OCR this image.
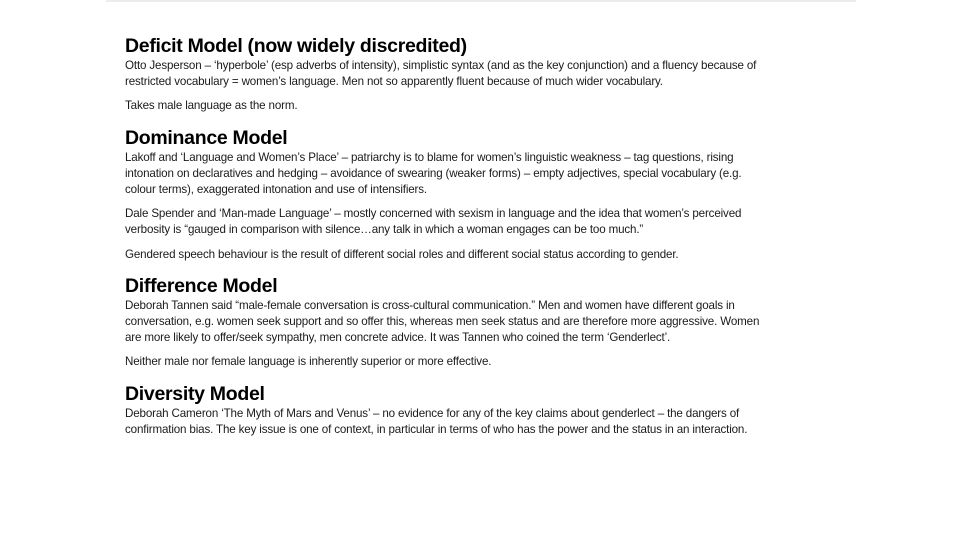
Deficit Model (now widely discredited)

Otto Jesperson – ‘hyperbole’ (esp adverbs of intensity), simplistic syntax (and as the key conjunction) and a fluency because of restricted vocabulary = women’s language. Men not so apparently fluent because of much wider vocabulary.

Takes male language as the norm.

Dominance Model

Lakoff and ‘Language and Women’s Place’ – patriarchy is to blame for women’s linguistic weakness – tag questions, rising intonation on declaratives and hedging – avoidance of swearing (weaker forms) – empty adjectives, special vocabulary (e.g. colour terms), exaggerated intonation and use of intensifiers.

Dale Spender and ‘Man-made Language’ – mostly concerned with sexism in language and the idea that women’s perceived verbosity is “gauged in comparison with silence…any talk in which a woman engages can be too much.”

Gendered speech behaviour is the result of different social roles and different social status according to gender.

Difference Model

Deborah Tannen said “male-female conversation is cross-cultural communication.” Men and women have different goals in conversation, e.g. women seek support and so offer this, whereas men seek status and are therefore more aggressive. Women are more likely to offer/seek sympathy, men concrete advice. It was Tannen who coined the term ‘Genderlect’.

Neither male nor female language is inherently superior or more effective.

Diversity Model

Deborah Cameron ‘The Myth of Mars and Venus’ – no evidence for any of the key claims about genderlect – the dangers of confirmation bias. The key issue is one of context, in particular in terms of who has the power and the status in an interaction.
